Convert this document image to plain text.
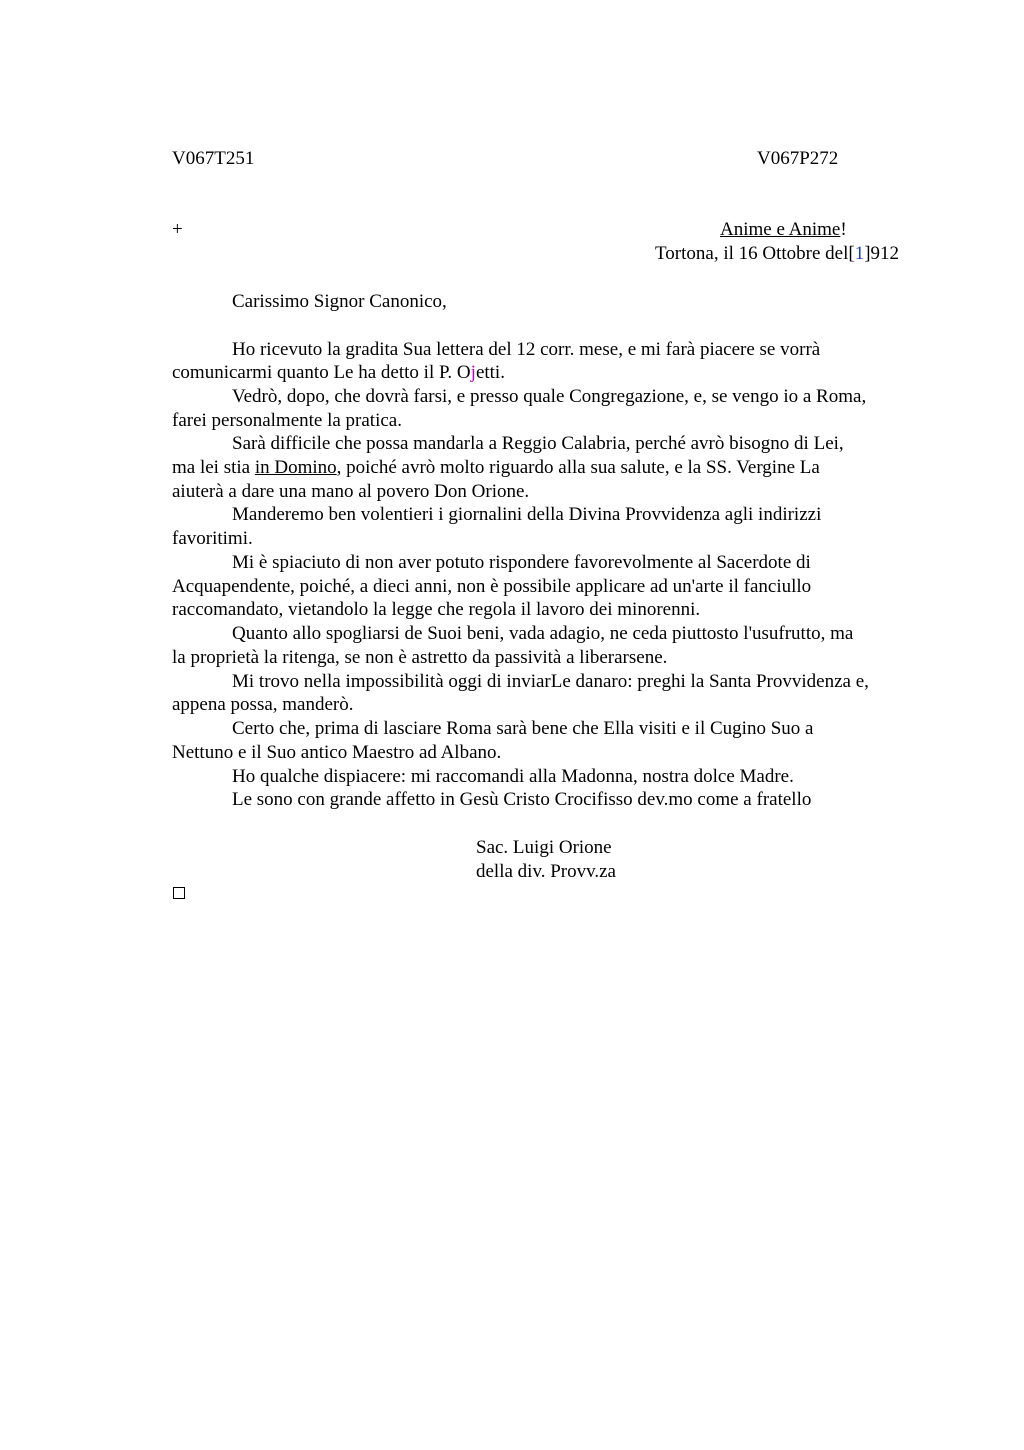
V067T251	V067P272
+	Anime e Anime!
Tortona, il 16 Ottobre del[1]912
Carissimo Signor Canonico,
Ho ricevuto la gradita Sua lettera del 12 corr. mese, e mi farà piacere se vorrà
comunicarmi quanto Le ha detto il P. Ojetti.
Vedrò, dopo, che dovrà farsi, e presso quale Congregazione, e, se vengo io a Roma,
farei personalmente la pratica.
Sarà difficile che possa mandarla a Reggio Calabria, perché avrò bisogno di Lei,
ma lei stia in Domino, poiché avrò molto riguardo alla sua salute, e la SS. Vergine La
aiuterà a dare una mano al povero Don Orione.
Manderemo ben volentieri i giornalini della Divina Provvidenza agli indirizzi
favoritimi.
Mi è spiaciuto di non aver potuto rispondere favorevolmente al Sacerdote di
Acquapendente, poiché, a dieci anni, non è possibile applicare ad un'arte il fanciullo
raccomandato, vietandolo la legge che regola il lavoro dei minorenni.
Quanto allo spogliarsi de Suoi beni, vada adagio, ne ceda piuttosto l'usufrutto, ma
la proprietà la ritenga, se non è astretto da passività a liberarsene.
Mi trovo nella impossibilità oggi di inviarLe danaro: preghi la Santa Provvidenza e,
appena possa, manderò.
Certo che, prima di lasciare Roma sarà bene che Ella visiti e il Cugino Suo a
Nettuno e il Suo antico Maestro ad Albano.
Ho qualche dispiacere: mi raccomandi alla Madonna, nostra dolce Madre.
Le sono con grande affetto in Gesù Cristo Crocifisso dev.mo come a fratello
Sac. Luigi Orione
della div. Provv.za
